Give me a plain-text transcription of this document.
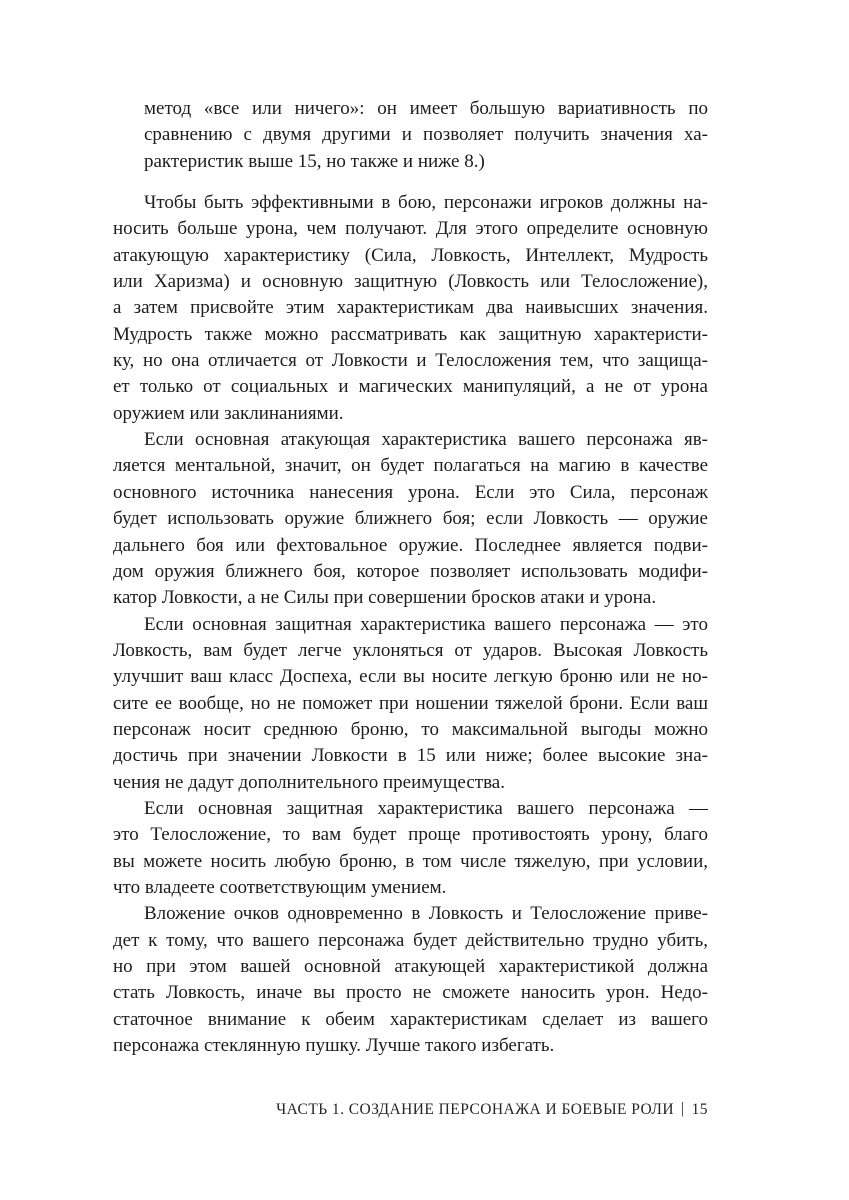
метод «все или ничего»: он имеет большую вариативность по
сравнению с двумя другими и позволяет получить значения ха-
рактеристик выше 15, но также и ниже 8.)
Чтобы быть эффективными в бою, персонажи игроков должны на-
носить больше урона, чем получают. Для этого определите основную
атакующую характеристику (Сила, Ловкость, Интеллект, Мудрость
или Харизма) и основную защитную (Ловкость или Телосложение),
а затем присвойте этим характеристикам два наивысших значения.
Мудрость также можно рассматривать как защитную характеристи-
ку, но она отличается от Ловкости и Телосложения тем, что защища-
ет только от социальных и магических манипуляций, а не от урона
оружием или заклинаниями.
Если основная атакующая характеристика вашего персонажа яв-
ляется ментальной, значит, он будет полагаться на магию в качестве
основного источника нанесения урона. Если это Сила, персонаж
будет использовать оружие ближнего боя; если Ловкость — оружие
дальнего боя или фехтовальное оружие. Последнее является подви-
дом оружия ближнего боя, которое позволяет использовать модифи-
катор Ловкости, а не Силы при совершении бросков атаки и урона.
Если основная защитная характеристика вашего персонажа — это
Ловкость, вам будет легче уклоняться от ударов. Высокая Ловкость
улучшит ваш класс Доспеха, если вы носите легкую броню или не но-
сите ее вообще, но не поможет при ношении тяжелой брони. Если ваш
персонаж носит среднюю броню, то максимальной выгоды можно
достичь при значении Ловкости в 15 или ниже; более высокие зна-
чения не дадут дополнительного преимущества.
Если основная защитная характеристика вашего персонажа —
это Телосложение, то вам будет проще противостоять урону, благо
вы можете носить любую броню, в том числе тяжелую, при условии,
что владеете соответствующим умением.
Вложение очков одновременно в Ловкость и Телосложение приве-
дет к тому, что вашего персонажа будет действительно трудно убить,
но при этом вашей основной атакующей характеристикой должна
стать Ловкость, иначе вы просто не сможете наносить урон. Недо-
статочное внимание к обеим характеристикам сделает из вашего
персонажа стеклянную пушку. Лучше такого избегать.
ЧАСТЬ 1. СОЗДАНИЕ ПЕРСОНАЖА И БОЕВЫЕ РОЛИ | 15
